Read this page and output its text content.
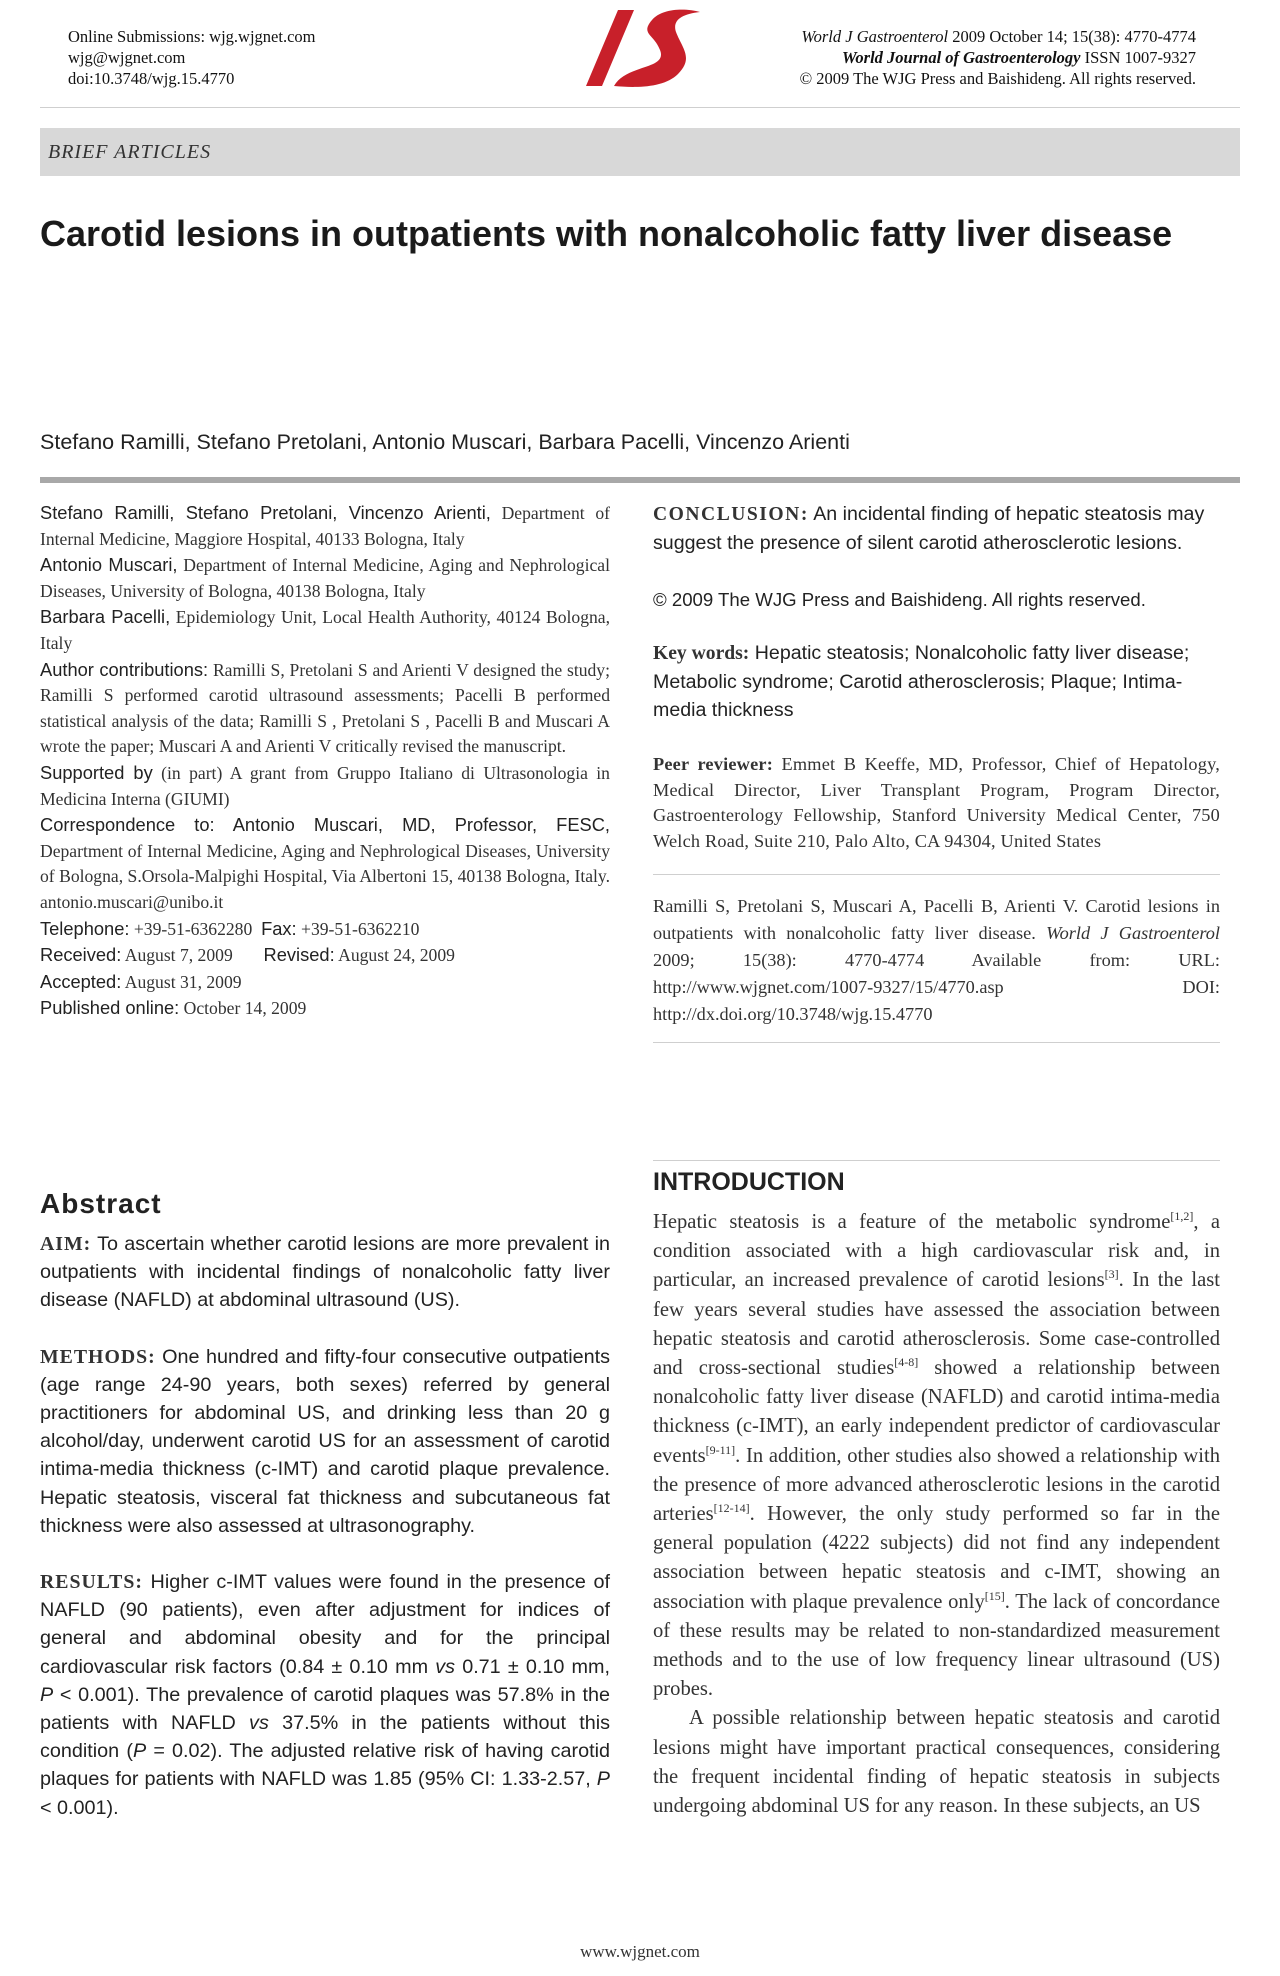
Online Submissions: wjg.wjgnet.com
wjg@wjgnet.com
doi:10.3748/wjg.15.4770
World J Gastroenterol 2009 October 14; 15(38): 4770-4774
World Journal of Gastroenterology ISSN 1007-9327
© 2009 The WJG Press and Baishideng. All rights reserved.
BRIEF ARTICLES
Carotid lesions in outpatients with nonalcoholic fatty liver disease
Stefano Ramilli, Stefano Pretolani, Antonio Muscari, Barbara Pacelli, Vincenzo Arienti

Stefano Ramilli, Stefano Pretolani, Vincenzo Arienti, Department of Internal Medicine, Maggiore Hospital, 40133 Bologna, Italy

Antonio Muscari, Department of Internal Medicine, Aging and Nephrological Diseases, University of Bologna, 40138 Bologna, Italy

Barbara Pacelli, Epidemiology Unit, Local Health Authority, 40124 Bologna, Italy

Author contributions: Ramilli S, Pretolani S and Arienti V designed the study; Ramilli S performed carotid ultrasound assessments; Pacelli B performed statistical analysis of the data; Ramilli S , Pretolani S , Pacelli B and Muscari A wrote the paper; Muscari A and Arienti V critically revised the manuscript.

Supported by (in part) A grant from Gruppo Italiano di Ultrasonologia in Medicina Interna (GIUMI)

Correspondence to: Antonio Muscari, MD, Professor, FESC, Department of Internal Medicine, Aging and Nephrological Diseases, University of Bologna, S.Orsola-Malpighi Hospital, Via Albertoni 15, 40138 Bologna, Italy. antonio.muscari@unibo.it

Telephone: +39-51-6362280 Fax: +39-51-6362210

Received: August 7, 2009 Revised: August 24, 2009

Accepted: August 31, 2009

Published online: October 14, 2009

CONCLUSION: An incidental finding of hepatic steatosis may suggest the presence of silent carotid atherosclerotic lesions.

© 2009 The WJG Press and Baishideng. All rights reserved.

Key words: Hepatic steatosis; Nonalcoholic fatty liver disease; Metabolic syndrome; Carotid atherosclerosis; Plaque; Intima-media thickness

Peer reviewer: Emmet B Keeffe, MD, Professor, Chief of Hepatology, Medical Director, Liver Transplant Program, Program Director, Gastroenterology Fellowship, Stanford University Medical Center, 750 Welch Road, Suite 210, Palo Alto, CA 94304, United States

Ramilli S, Pretolani S, Muscari A, Pacelli B, Arienti V. Carotid lesions in outpatients with nonalcoholic fatty liver disease. World J Gastroenterol 2009; 15(38): 4770-4774 Available from: URL: http://www.wjgnet.com/1007-9327/15/4770.asp DOI: http://dx.doi.org/10.3748/wjg.15.4770

Abstract

AIM: To ascertain whether carotid lesions are more prevalent in outpatients with incidental findings of nonalcoholic fatty liver disease (NAFLD) at abdominal ultrasound (US).

METHODS: One hundred and fifty-four consecutive outpatients (age range 24-90 years, both sexes) referred by general practitioners for abdominal US, and drinking less than 20 g alcohol/day, underwent carotid US for an assessment of carotid intima-media thickness (c-IMT) and carotid plaque prevalence. Hepatic steatosis, visceral fat thickness and subcutaneous fat thickness were also assessed at ultrasonography.

RESULTS: Higher c-IMT values were found in the presence of NAFLD (90 patients), even after adjustment for indices of general and abdominal obesity and for the principal cardiovascular risk factors (0.84 ± 0.10 mm vs 0.71 ± 0.10 mm, P < 0.001). The prevalence of carotid plaques was 57.8% in the patients with NAFLD vs 37.5% in the patients without this condition (P = 0.02). The adjusted relative risk of having carotid plaques for patients with NAFLD was 1.85 (95% CI: 1.33-2.57, P < 0.001).

INTRODUCTION

Hepatic steatosis is a feature of the metabolic syndrome[1,2], a condition associated with a high cardiovascular risk and, in particular, an increased prevalence of carotid lesions[3]. In the last few years several studies have assessed the association between hepatic steatosis and carotid atherosclerosis. Some case-controlled and cross-sectional studies[4-8] showed a relationship between nonalcoholic fatty liver disease (NAFLD) and carotid intima-media thickness (c-IMT), an early independent predictor of cardiovascular events[9-11]. In addition, other studies also showed a relationship with the presence of more advanced atherosclerotic lesions in the carotid arteries[12-14]. However, the only study performed so far in the general population (4222 subjects) did not find any independent association between hepatic steatosis and c-IMT, showing an association with plaque prevalence only[15]. The lack of concordance of these results may be related to non-standardized measurement methods and to the use of low frequency linear ultrasound (US) probes.

A possible relationship between hepatic steatosis and carotid lesions might have important practical consequences, considering the frequent incidental finding of hepatic steatosis in subjects undergoing abdominal US for any reason. In these subjects, an US

www.wjgnet.com
